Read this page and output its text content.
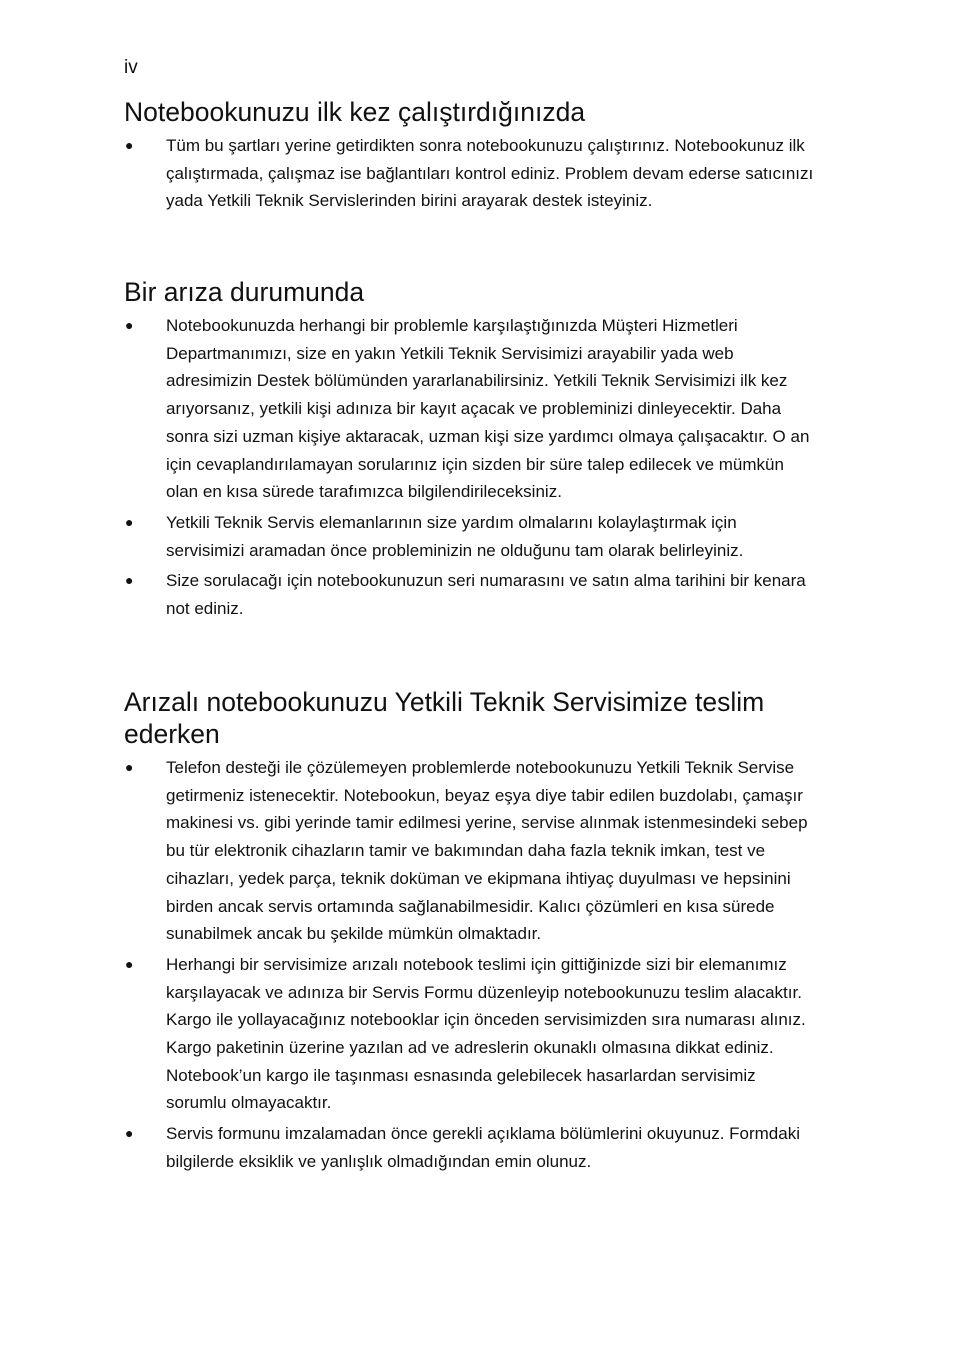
iv
Notebookunuzu ilk kez çalıştırdığınızda
● Tüm bu şartları yerine getirdikten sonra notebookunuzu çalıştırınız. Notebookunuz ilk çalıştırmada, çalışmaz ise bağlantıları kontrol ediniz. Problem devam ederse satıcınızı yada Yetkili Teknik Servislerinden birini arayarak destek isteyiniz.
Bir arıza durumunda
● Notebookunuzda herhangi bir problemle karşılaştığınızda Müşteri Hizmetleri Departmanımızı, size en yakın Yetkili Teknik Servisimizi arayabilir yada web adresimizin Destek bölümünden yararlanabilirsiniz. Yetkili Teknik Servisimizi ilk kez arıyorsanız, yetkili kişi adınıza bir kayıt açacak ve probleminizi dinleyecektir. Daha sonra sizi uzman kişiye aktaracak, uzman kişi size yardımcı olmaya çalışacaktır. O an için cevaplandırılamayan sorularınız için sizden bir süre talep edilecek ve mümkün olan en kısa sürede tarafımızca bilgilendirileceksiniz.
● Yetkili Teknik Servis elemanlarının size yardım olmalarını kolaylaştırmak için servisimizi aramadan önce probleminizin ne olduğunu tam olarak belirleyiniz.
● Size sorulacağı için notebookunuzun seri numarasını ve satın alma tarihini bir kenara not ediniz.
Arızalı notebookunuzu Yetkili Teknik Servisimize teslim ederken
● Telefon desteği ile çözülemeyen problemlerde notebookunuzu Yetkili Teknik Servise getirmeniz istenecektir. Notebookun, beyaz eşya diye tabir edilen buzdolabı, çamaşır makinesi vs. gibi yerinde tamir edilmesi yerine, servise alınmak istenmesindeki sebep bu tür elektronik cihazların tamir ve bakımından daha fazla teknik imkan, test ve cihazları, yedek parça, teknik doküman ve ekipmana ihtiyaç duyulması ve hepsinini birden ancak servis ortamında sağlanabilmesidir. Kalıcı çözümleri en kısa sürede sunabilmek ancak bu şekilde mümkün olmaktadır.
● Herhangi bir servisimize arızalı notebook teslimi için gittiğinizde sizi bir elemanımız karşılayacak ve adınıza bir Servis Formu düzenleyip notebookunuzu teslim alacaktır. Kargo ile yollayacağınız notebooklar için önceden servisimizden sıra numarası alınız. Kargo paketinin üzerine yazılan ad ve adreslerin okunaklı olmasına dikkat ediniz. Notebook’un kargo ile taşınması esnasında gelebilecek hasarlardan servisimiz sorumlu olmayacaktır.
● Servis formunu imzalamadan önce gerekli açıklama bölümlerini okuyunuz. Formdaki bilgilerde eksiklik ve yanlışlık olmadığından emin olunuz.
